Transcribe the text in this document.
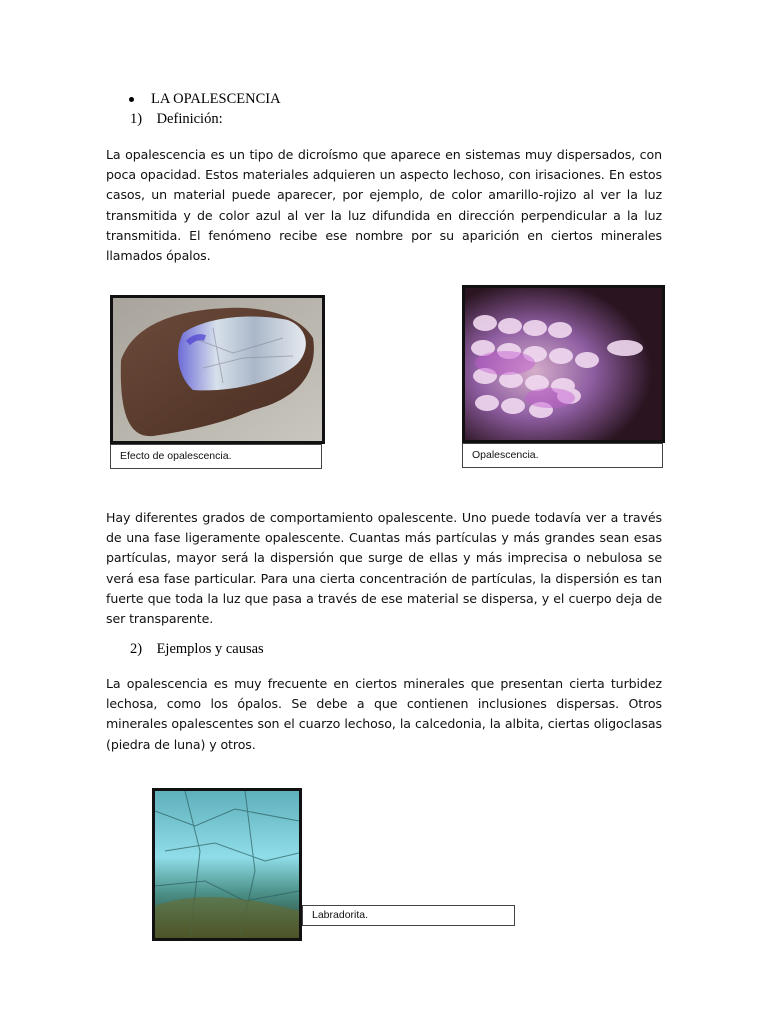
LA OPALESCENCIA
1) Definición:

La opalescencia es un tipo de dicroísmo que aparece en sistemas muy dispersados, con poca opacidad. Estos materiales adquieren un aspecto lechoso, con irisaciones. En estos casos, un material puede aparecer, por ejemplo, de color amarillo-rojizo al ver la luz transmitida y de color azul al ver la luz difundida en dirección perpendicular a la luz transmitida. El fenómeno recibe ese nombre por su aparición en ciertos minerales llamados ópalos.

Efecto de opalescencia.	Opalescencia.

Hay diferentes grados de comportamiento opalescente. Uno puede todavía ver a través de una fase ligeramente opalescente. Cuantas más partículas y más grandes sean esas partículas, mayor será la dispersión que surge de ellas y más imprecisa o nebulosa se verá esa fase particular. Para una cierta concentración de partículas, la dispersión es tan fuerte que toda la luz que pasa a través de ese material se dispersa, y el cuerpo deja de ser transparente.

2) Ejemplos y causas

La opalescencia es muy frecuente en ciertos minerales que presentan cierta turbidez lechosa, como los ópalos. Se debe a que contienen inclusiones dispersas. Otros minerales opalescentes son el cuarzo lechoso, la calcedonia, la albita, ciertas oligoclasas (piedra de luna) y otros.

Labradorita.
